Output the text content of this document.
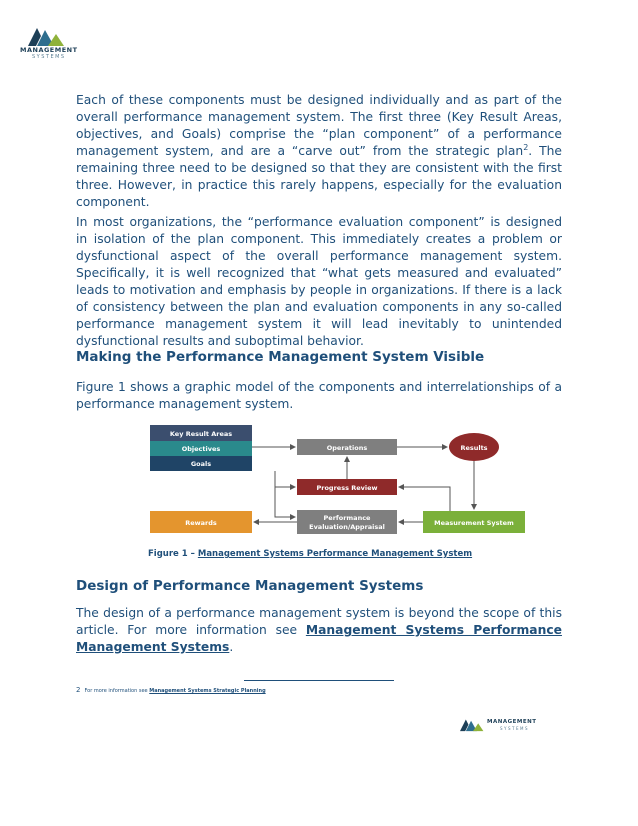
MANAGEMENT
SYSTEMS

Each of these components must be designed individually and as part of the overall performance management system. The first three (Key Result Areas, objectives, and Goals) comprise the “plan component” of a performance management system, and are a “carve out” from the strategic plan$^2$. The remaining three need to be designed so that they are consistent with the first three. However, in practice this rarely happens, especially for the evaluation component.

In most organizations, the “performance evaluation component” is designed in isolation of the plan component. This immediately creates a problem or dysfunctional aspect of the overall performance management system. Specifically, it is well recognized that “what gets measured and evaluated” leads to motivation and emphasis by people in organizations. If there is a lack of consistency between the plan and evaluation components in any so-called performance management system it will lead inevitably to unintended dysfunctional results and suboptimal behavior.

Making the Performance Management System Visible

Figure 1 shows a graphic model of the components and interrelationships of a performance management system.

Key Result Areas
Objectives
Goals
Operations	Results
Progress Review
Rewards
Performance
Evaluation/Appraisal	Measurement System
Figure 1 – Management Systems Performance Management System
Design of Performance Management Systems

The design of a performance management system is beyond the scope of this article. For more information see Management Systems Performance Management Systems.

2 For more information see Management Systems Strategic Planning
MANAGEMENT
SYSTEMS
